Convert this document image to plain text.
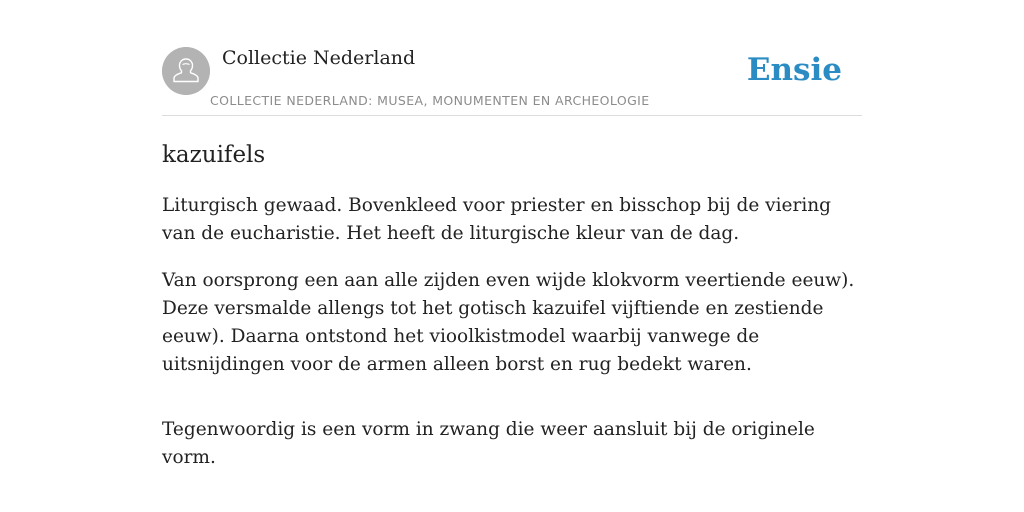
Collectie Nederland
COLLECTIE NEDERLAND: MUSEA, MONUMENTEN EN ARCHEOLOGIE
Ensie
kazuifels

Liturgisch gewaad. Bovenkleed voor priester en bisschop bij de viering van de eucharistie. Het heeft de liturgische kleur van de dag.

Van oorsprong een aan alle zijden even wijde klokvorm veertiende eeuw). Deze versmalde allengs tot het gotisch kazuifel vijftiende en zestiende eeuw). Daarna ontstond het vioolkistmodel waarbij vanwege de uitsnijdingen voor de armen alleen borst en rug bedekt waren.

Tegenwoordig is een vorm in zwang die weer aansluit bij de originele vorm.
